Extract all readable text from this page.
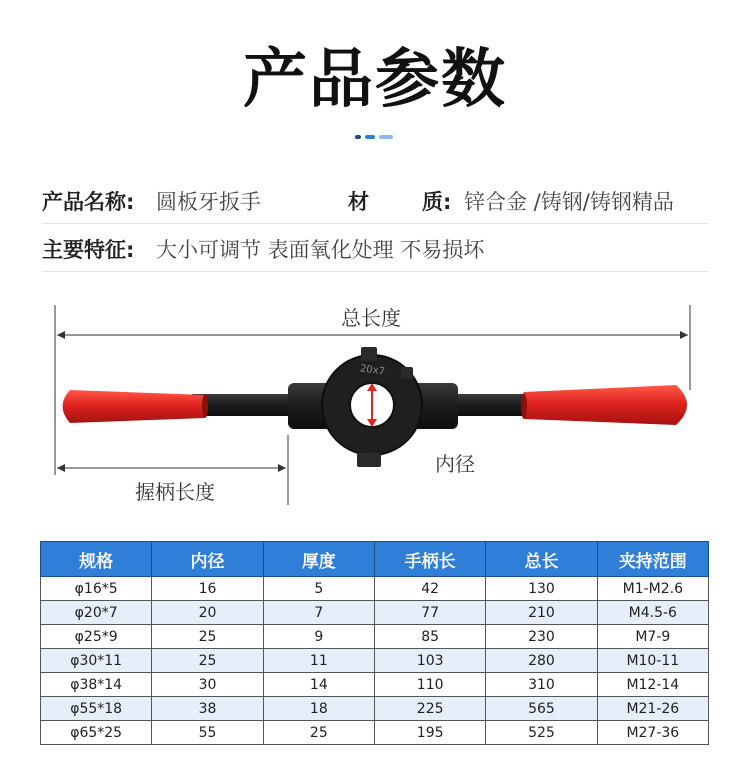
产品参数
产品名称: 圆板牙扳手	材	质: 锌合金 /铸钢/铸钢精品
主要特征: 大小可调节 表面氧化处理 不易损坏
总长度
握柄长度
内径
20x7
规格	内径	厚度	手柄长	总长	夹持范围
φ16*5	16	5	42	130	M1-M2.6
φ20*7	20	7	77	210	M4.5-6
φ25*9	25	9	85	230	M7-9
φ30*11	25	11	103	280	M10-11
φ38*14	30	14	110	310	M12-14
φ55*18	38	18	225	565	M21-26
φ65*25	55	25	195	525	M27-36
